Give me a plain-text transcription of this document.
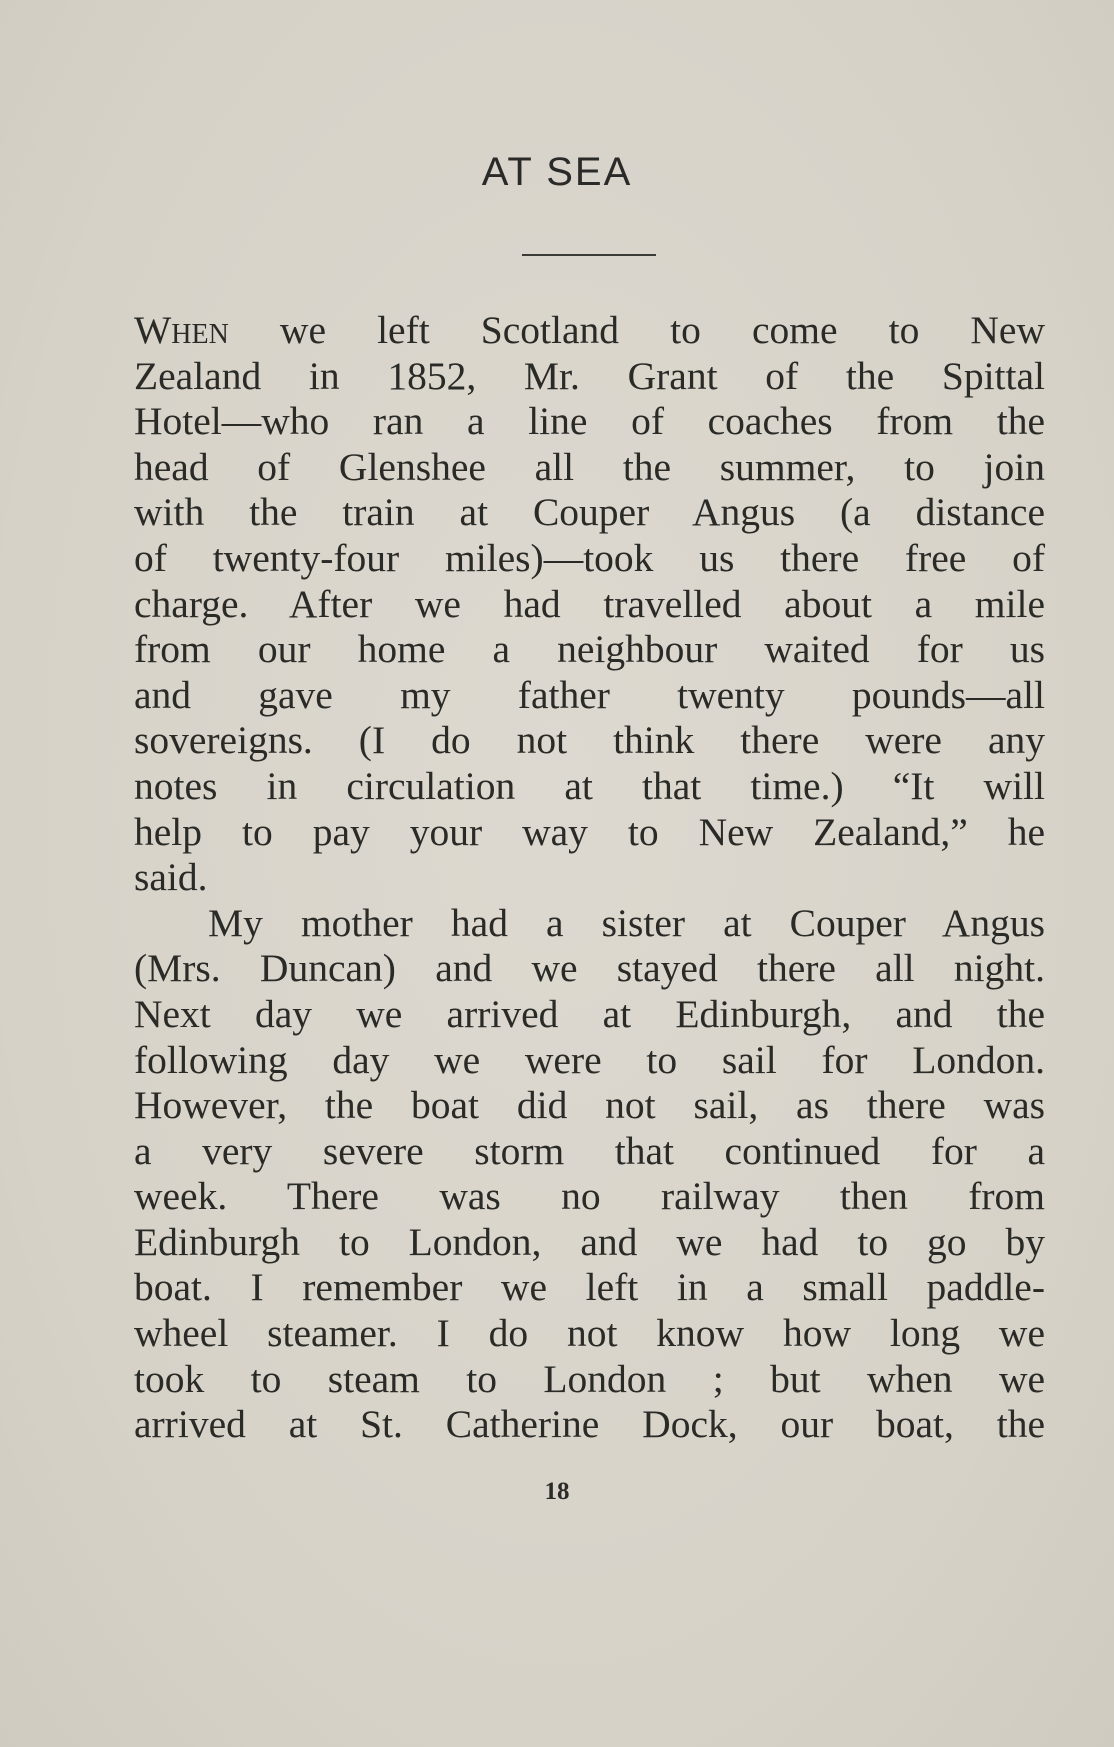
AT SEA
When we left Scotland to come to New
Zealand in 1852, Mr. Grant of the Spittal
Hotel—who ran a line of coaches from the
head of Glenshee all the summer, to join
with the train at Couper Angus (a distance
of twenty-four miles)—took us there free of
charge. After we had travelled about a mile
from our home a neighbour waited for us
and gave my father twenty pounds—all
sovereigns. (I do not think there were any
notes in circulation at that time.) “It will
help to pay your way to New Zealand,” he
said.
My mother had a sister at Couper Angus
(Mrs. Duncan) and we stayed there all night.
Next day we arrived at Edinburgh, and the
following day we were to sail for London.
However, the boat did not sail, as there was
a very severe storm that continued for a
week. There was no railway then from
Edinburgh to London, and we had to go by
boat. I remember we left in a small paddle-
wheel steamer. I do not know how long we
took to steam to London ; but when we
arrived at St. Catherine Dock, our boat, the
18
